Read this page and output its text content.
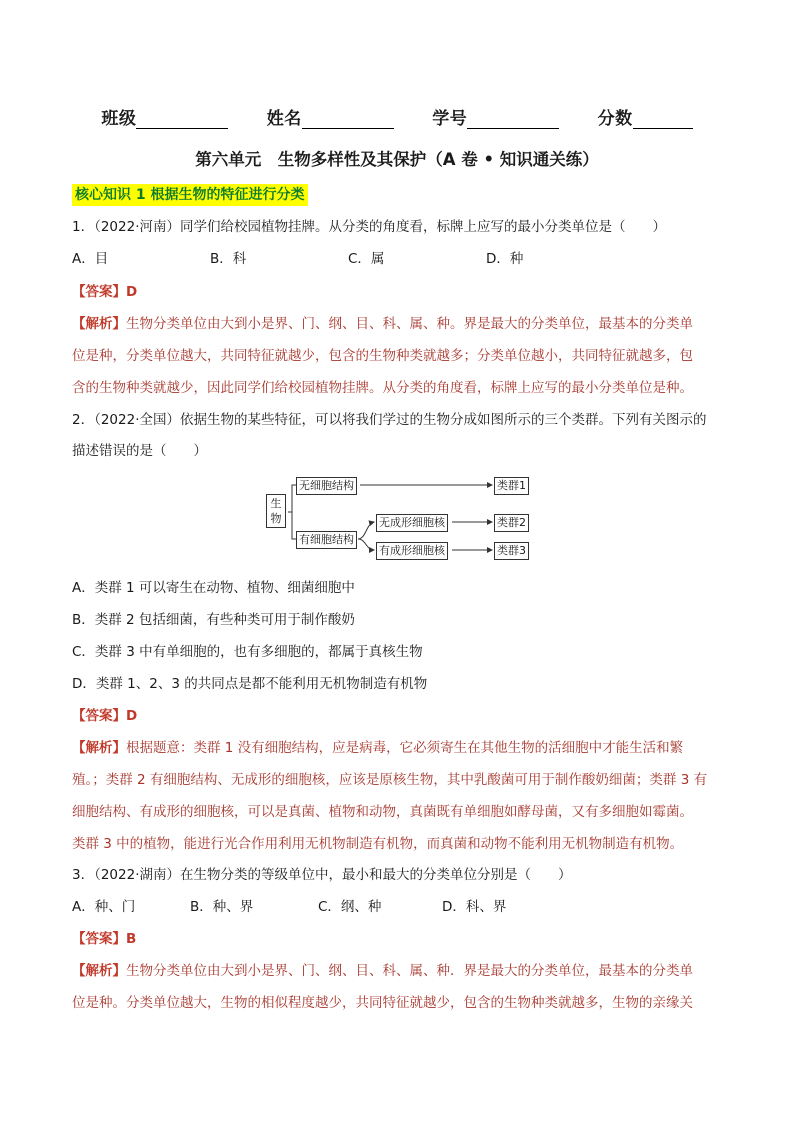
班级	姓名	学号	分数
第六单元　生物多样性及其保护（A 卷 • 知识通关练）
核心知识 1 根据生物的特征进行分类
1．（2022·河南）同学们给校园植物挂牌。从分类的角度看，标牌上应写的最小分类单位是（　　）
A．目	B．科	C．属	D．种
【答案】D
【解析】生物分类单位由大到小是界、门、纲、目、科、属、种。界是最大的分类单位，最基本的分类单
位是种，分类单位越大，共同特征就越少，包含的生物种类就越多；分类单位越小，共同特征就越多，包
含的生物种类就越少，因此同学们给校园植物挂牌。从分类的角度看，标牌上应写的最小分类单位是种。
2．（2022·全国）依据生物的某些特征，可以将我们学过的生物分成如图所示的三个类群。下列有关图示的
描述错误的是（　　）
生物
无细胞结构
有细胞结构
无成形细胞核
有成形细胞核
类群1
类群2
类群3
A．类群 1 可以寄生在动物、植物、细菌细胞中
B．类群 2 包括细菌，有些种类可用于制作酸奶
C．类群 3 中有单细胞的，也有多细胞的，都属于真核生物
D．类群 1、2、3 的共同点是都不能利用无机物制造有机物
【答案】D
【解析】根据题意：类群 1 没有细胞结构，应是病毒，它必须寄生在其他生物的活细胞中才能生活和繁
殖。；类群 2 有细胞结构、无成形的细胞核，应该是原核生物，其中乳酸菌可用于制作酸奶细菌；类群 3 有
细胞结构、有成形的细胞核，可以是真菌、植物和动物，真菌既有单细胞如酵母菌，又有多细胞如霉菌。
类群 3 中的植物，能进行光合作用利用无机物制造有机物，而真菌和动物不能利用无机物制造有机物。
3．（2022·湖南）在生物分类的等级单位中，最小和最大的分类单位分别是（　　）
A．种、门	B．种、界	C．纲、种	D．科、界
【答案】B
【解析】生物分类单位由大到小是界、门、纲、目、科、属、种．界是最大的分类单位，最基本的分类单
位是种。分类单位越大，生物的相似程度越少，共同特征就越少，包含的生物种类就越多，生物的亲缘关
